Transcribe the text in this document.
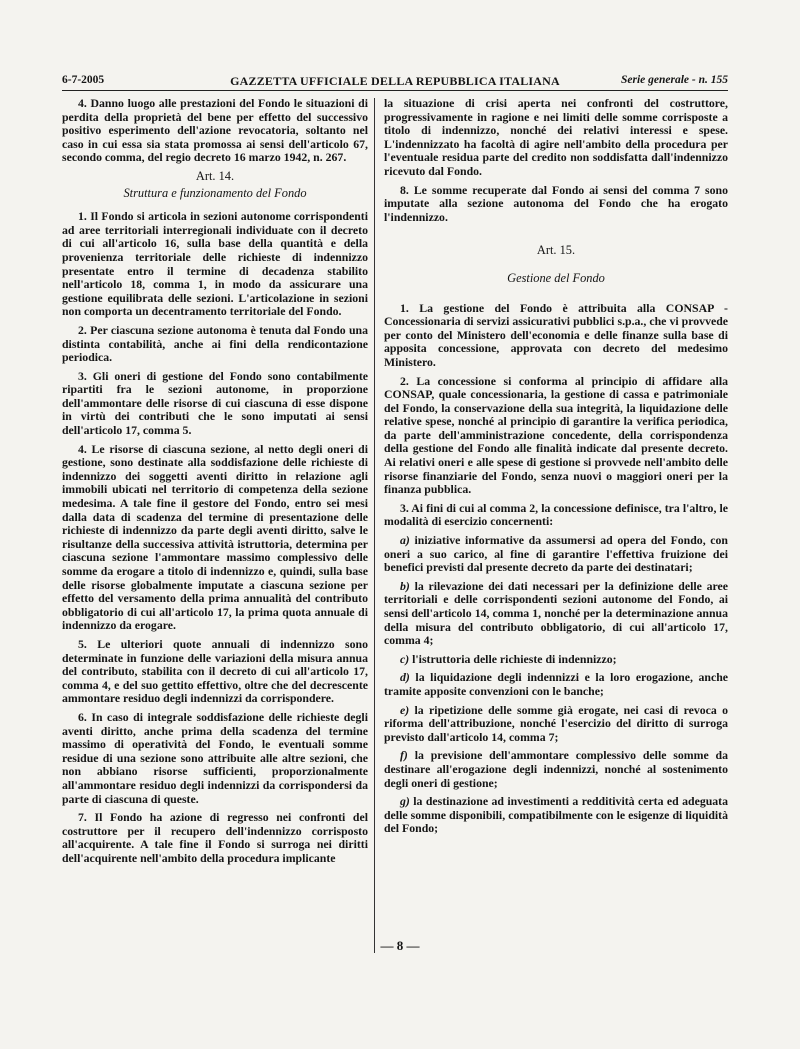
6-7-2005	GAZZETTA UFFICIALE DELLA REPUBBLICA ITALIANA	Serie generale - n. 155

4. Danno luogo alle prestazioni del Fondo le situazioni di perdita della proprietà del bene per effetto del successivo positivo esperimento dell'azione revocatoria, soltanto nel caso in cui essa sia stata promossa ai sensi dell'articolo 67, secondo comma, del regio decreto 16 marzo 1942, n. 267.

Art. 14.
Struttura e funzionamento del Fondo

1. Il Fondo si articola in sezioni autonome corrispondenti ad aree territoriali interregionali individuate con il decreto di cui all'articolo 16, sulla base della quantità e della provenienza territoriale delle richieste di indennizzo presentate entro il termine di decadenza stabilito nell'articolo 18, comma 1, in modo da assicurare una gestione equilibrata delle sezioni. L'articolazione in sezioni non comporta un decentramento territoriale del Fondo.

2. Per ciascuna sezione autonoma è tenuta dal Fondo una distinta contabilità, anche ai fini della rendicontazione periodica.

3. Gli oneri di gestione del Fondo sono contabilmente ripartiti fra le sezioni autonome, in proporzione dell'ammontare delle risorse di cui ciascuna di esse dispone in virtù dei contributi che le sono imputati ai sensi dell'articolo 17, comma 5.

4. Le risorse di ciascuna sezione, al netto degli oneri di gestione, sono destinate alla soddisfazione delle richieste di indennizzo dei soggetti aventi diritto in relazione agli immobili ubicati nel territorio di competenza della sezione medesima. A tale fine il gestore del Fondo, entro sei mesi dalla data di scadenza del termine di presentazione delle richieste di indennizzo da parte degli aventi diritto, salve le risultanze della successiva attività istruttoria, determina per ciascuna sezione l'ammontare massimo complessivo delle somme da erogare a titolo di indennizzo e, quindi, sulla base delle risorse globalmente imputate a ciascuna sezione per effetto del versamento della prima annualità del contributo obbligatorio di cui all'articolo 17, la prima quota annuale di indennizzo da erogare.

5. Le ulteriori quote annuali di indennizzo sono determinate in funzione delle variazioni della misura annua del contributo, stabilita con il decreto di cui all'articolo 17, comma 4, e del suo gettito effettivo, oltre che del decrescente ammontare residuo degli indennizzi da corrispondere.

6. In caso di integrale soddisfazione delle richieste degli aventi diritto, anche prima della scadenza del termine massimo di operatività del Fondo, le eventuali somme residue di una sezione sono attribuite alle altre sezioni, che non abbiano risorse sufficienti, proporzionalmente all'ammontare residuo degli indennizzi da corrispondersi da parte di ciascuna di queste.

7. Il Fondo ha azione di regresso nei confronti del costruttore per il recupero dell'indennizzo corrisposto all'acquirente. A tale fine il Fondo si surroga nei diritti dell'acquirente nell'ambito della procedura implicante

la situazione di crisi aperta nei confronti del costruttore, progressivamente in ragione e nei limiti delle somme corrisposte a titolo di indennizzo, nonché dei relativi interessi e spese. L'indennizzato ha facoltà di agire nell'ambito della procedura per l'eventuale residua parte del credito non soddisfatta dall'indennizzo ricevuto dal Fondo.

8. Le somme recuperate dal Fondo ai sensi del comma 7 sono imputate alla sezione autonoma del Fondo che ha erogato l'indennizzo.

Art. 15.
Gestione del Fondo

1. La gestione del Fondo è attribuita alla CONSAP - Concessionaria di servizi assicurativi pubblici s.p.a., che vi provvede per conto del Ministero dell'economia e delle finanze sulla base di apposita concessione, approvata con decreto del medesimo Ministero.

2. La concessione si conforma al principio di affidare alla CONSAP, quale concessionaria, la gestione di cassa e patrimoniale del Fondo, la conservazione della sua integrità, la liquidazione delle relative spese, nonché al principio di garantire la verifica periodica, da parte dell'amministrazione concedente, della corrispondenza della gestione del Fondo alle finalità indicate dal presente decreto. Ai relativi oneri e alle spese di gestione si provvede nell'ambito delle risorse finanziarie del Fondo, senza nuovi o maggiori oneri per la finanza pubblica.

3. Ai fini di cui al comma 2, la concessione definisce, tra l'altro, le modalità di esercizio concernenti:

a) iniziative informative da assumersi ad opera del Fondo, con oneri a suo carico, al fine di garantire l'effettiva fruizione dei benefici previsti dal presente decreto da parte dei destinatari;

b) la rilevazione dei dati necessari per la definizione delle aree territoriali e delle corrispondenti sezioni autonome del Fondo, ai sensi dell'articolo 14, comma 1, nonché per la determinazione annua della misura del contributo obbligatorio, di cui all'articolo 17, comma 4;

c) l'istruttoria delle richieste di indennizzo;

d) la liquidazione degli indennizzi e la loro erogazione, anche tramite apposite convenzioni con le banche;

e) la ripetizione delle somme già erogate, nei casi di revoca o riforma dell'attribuzione, nonché l'esercizio del diritto di surroga previsto dall'articolo 14, comma 7;

f) la previsione dell'ammontare complessivo delle somme da destinare all'erogazione degli indennizzi, nonché al sostenimento degli oneri di gestione;

g) la destinazione ad investimenti a redditività certa ed adeguata delle somme disponibili, compatibilmente con le esigenze di liquidità del Fondo;

— 8 —
